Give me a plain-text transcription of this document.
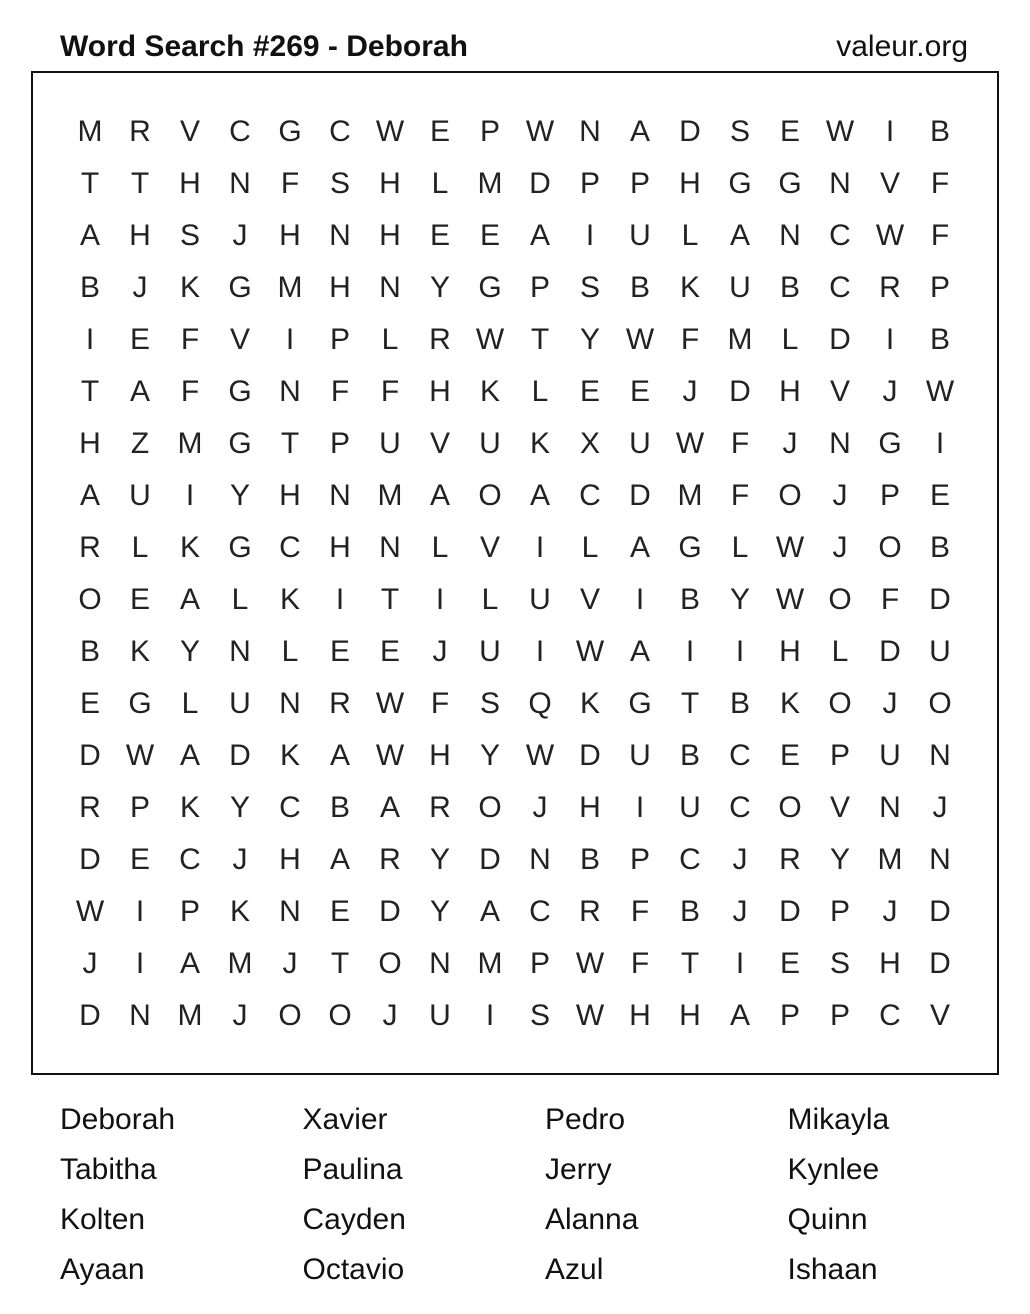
Word Search #269 - Deborah	valeur.org
M R V C G C W E P W N A D S E W	I	B
T	T	H N	F	S H	L M D P P H G G N V	F
A H S	J	H N H E E A	I	U	L	A N C W F
B	J	K G M H N Y G P S B K U B C R P
I	E	F	V	I	P	L	R W T	Y W F M L	D	I	B
T	A	F G N	F	F	H K	L	E E	J	D H V	J W
H	Z M G T	P U V U K X U W F	J	N G	I
A U	I	Y H N M A O A C D M F O	J	P E
R	L	K G C H N	L	V	I	L	A G L W J	O B
O E A	L	K	I	T	I	L	U V	I	B Y W O F	D
B K Y N	L	E E	J	U	I	W A	I	I	H	L	D U
E G L	U N R W F	S Q K G T	B K O	J	O
D W A D K A W H Y W D U B C E P U N
R P K Y C B A R O	J	H	I	U C O V N	J
D E C	J	H A R Y D N B P C	J	R Y M N
W	I	P K N E D Y A C R	F	B	J	D P	J	D
J	I	A M	J	T O N M P W F	T	I	E S H D
D N M	J	O O	J	U	I	S W H H A P P C V
Deborah	Xavier	Pedro	Mikayla
Tabitha	Paulina	Jerry	Kynlee
Kolten	Cayden	Alanna	Quinn
Ayaan	Octavio	Azul	Ishaan
